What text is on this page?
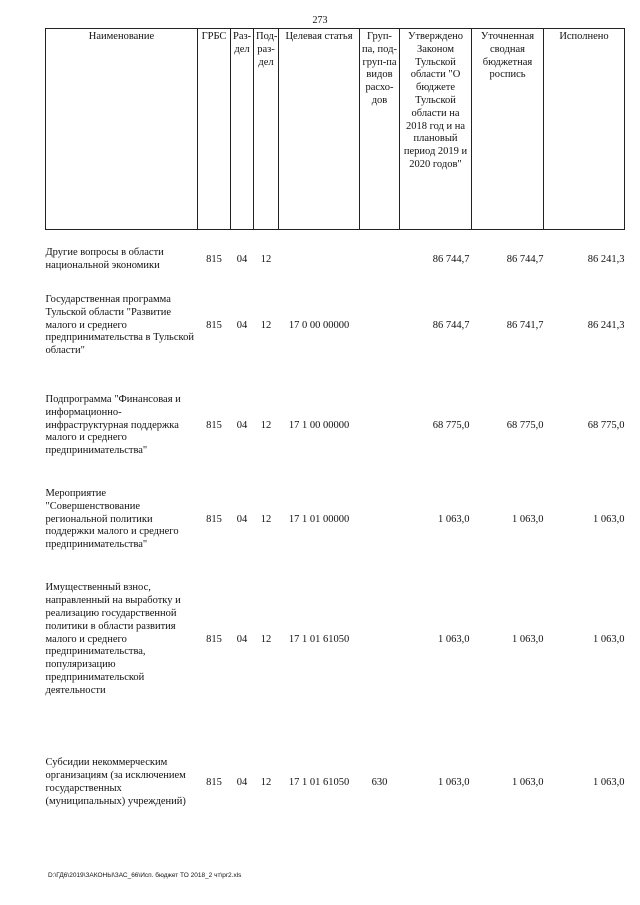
273
Наименование	ГРБС	Раз-дел	Под-раз-дел	Целевая статья	Груп-па, под-груп-па видов расхо-дов	Утверждено Законом Тульской области "О бюджете Тульской области на 2018 год и на плановый период 2019 и 2020 годов"	Уточненная сводная бюджетная роспись	Исполнено

Другие вопросы в области национальной экономики	815	04	12			86 744,7	86 744,7	86 241,3
Государственная программа Тульской области "Развитие малого и среднего предпринимательства в Тульской области"	815	04	12	17 0 00 00000		86 744,7	86 741,7	86 241,3
Подпрограмма "Финансовая и информационно-инфраструктурная поддержка малого и среднего предпринимательства"	815	04	12	17 1 00 00000		68 775,0	68 775,0	68 775,0
Мероприятие "Совершенствование региональной политики поддержки малого и среднего предпринимательства"	815	04	12	17 1 01 00000		1 063,0	1 063,0	1 063,0
Имущественный взнос, направленный на выработку и реализацию государственной политики в области развития малого и среднего предпринимательства, популяризацию предпринимательской деятельности	815	04	12	17 1 01 61050		1 063,0	1 063,0	1 063,0
Субсидии некоммерческим организациям (за исключением государственных (муниципальных) учреждений)	815	04	12	17 1 01 61050	630	1 063,0	1 063,0	1 063,0
D:\ГД6\2019\ЗАКОНЫ\ЗАС_66\Исп. бюджет ТО 2018_2 чт\pr2.xls
